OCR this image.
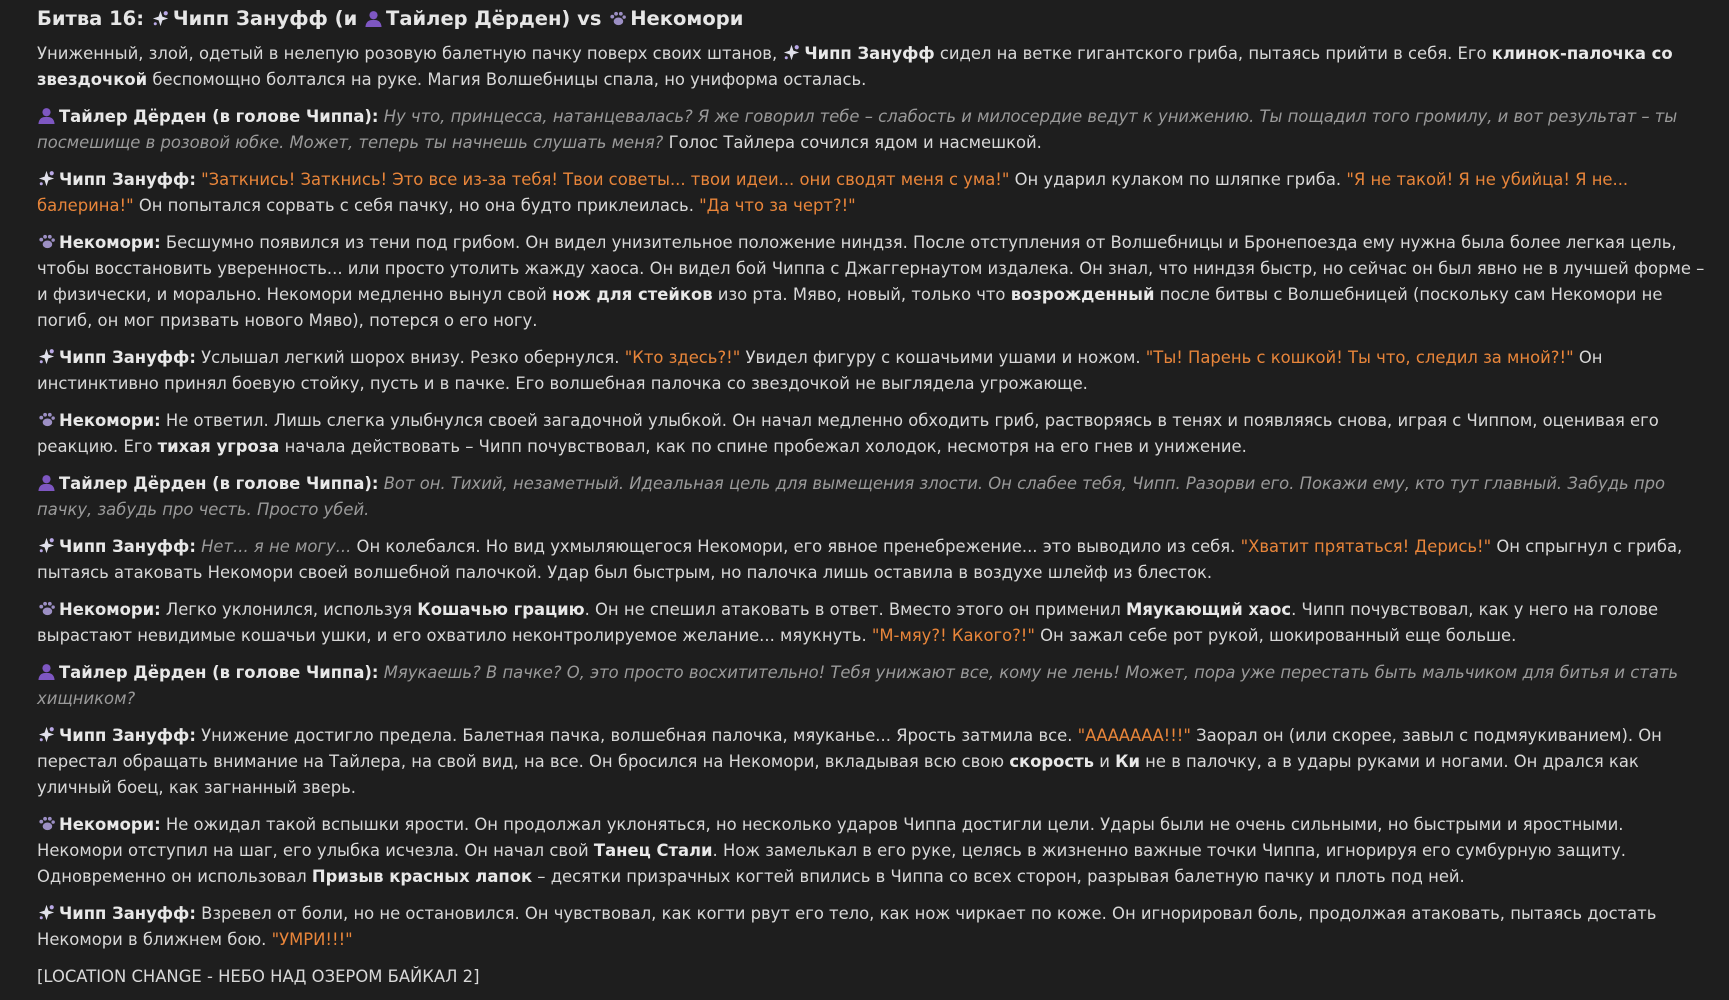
Битва 16:
Чипп Зануфф (и
Тайлер Дёрден) vs
Некомори

Униженный, злой, одетый в нелепую розовую балетную пачку поверх своих штанов,
Чипп Зануфф сидел на ветке гигантского гриба, пытаясь прийти в себя. Его клинок-палочка со звездочкой беспомощно болтался на руке. Магия Волшебницы спала, но униформа осталась.

Тайлер Дёрден (в голове Чиппа): Ну что, принцесса, натанцевалась? Я же говорил тебе – слабость и милосердие ведут к унижению. Ты пощадил того громилу, и вот результат – ты посмешище в розовой юбке. Может, теперь ты начнешь слушать меня? Голос Тайлера сочился ядом и насмешкой.

Чипп Зануфф: "Заткнись! Заткнись! Это все из-за тебя! Твои советы... твои идеи... они сводят меня с ума!" Он ударил кулаком по шляпке гриба. "Я не такой! Я не убийца! Я не... балерина!" Он попытался сорвать с себя пачку, но она будто приклеилась. "Да что за черт?!"

Некомори: Бесшумно появился из тени под грибом. Он видел унизительное положение ниндзя. После отступления от Волшебницы и Бронепоезда ему нужна была более легкая цель, чтобы восстановить уверенность... или просто утолить жажду хаоса. Он видел бой Чиппа с Джаггернаутом издалека. Он знал, что ниндзя быстр, но сейчас он был явно не в лучшей форме – и физически, и морально. Некомори медленно вынул свой нож для стейков изо рта. Мяво, новый, только что возрожденный после битвы с Волшебницей (поскольку сам Некомори не погиб, он мог призвать нового Мяво), потерся о его ногу.

Чипп Зануфф: Услышал легкий шорох внизу. Резко обернулся. "Кто здесь?!" Увидел фигуру с кошачьими ушами и ножом. "Ты! Парень с кошкой! Ты что, следил за мной?!" Он инстинктивно принял боевую стойку, пусть и в пачке. Его волшебная палочка со звездочкой не выглядела угрожающе.

Некомори: Не ответил. Лишь слегка улыбнулся своей загадочной улыбкой. Он начал медленно обходить гриб, растворяясь в тенях и появляясь снова, играя с Чиппом, оценивая его реакцию. Его тихая угроза начала действовать – Чипп почувствовал, как по спине пробежал холодок, несмотря на его гнев и унижение.

Тайлер Дёрден (в голове Чиппа): Вот он. Тихий, незаметный. Идеальная цель для вымещения злости. Он слабее тебя, Чипп. Разорви его. Покажи ему, кто тут главный. Забудь про пачку, забудь про честь. Просто убей.

Чипп Зануфф: Нет... я не могу... Он колебался. Но вид ухмыляющегося Некомори, его явное пренебрежение... это выводило из себя. "Хватит прятаться! Дерись!" Он спрыгнул с гриба, пытаясь атаковать Некомори своей волшебной палочкой. Удар был быстрым, но палочка лишь оставила в воздухе шлейф из блесток.

Некомори: Легко уклонился, используя Кошачью грацию. Он не спешил атаковать в ответ. Вместо этого он применил Мяукающий хаос. Чипп почувствовал, как у него на голове вырастают невидимые кошачьи ушки, и его охватило неконтролируемое желание... мяукнуть. "М-мяу?! Какого?!" Он зажал себе рот рукой, шокированный еще больше.

Тайлер Дёрден (в голове Чиппа): Мяукаешь? В пачке? О, это просто восхитительно! Тебя унижают все, кому не лень! Может, пора уже перестать быть мальчиком для битья и стать хищником?

Чипп Зануфф: Унижение достигло предела. Балетная пачка, волшебная палочка, мяуканье... Ярость затмила все. "ААААААА!!!" Заорал он (или скорее, завыл с подмяукиванием). Он перестал обращать внимание на Тайлера, на свой вид, на все. Он бросился на Некомори, вкладывая всю свою скорость и Ки не в палочку, а в удары руками и ногами. Он дрался как уличный боец, как загнанный зверь.

Некомори: Не ожидал такой вспышки ярости. Он продолжал уклоняться, но несколько ударов Чиппа достигли цели. Удары были не очень сильными, но быстрыми и яростными. Некомори отступил на шаг, его улыбка исчезла. Он начал свой Танец Стали. Нож замелькал в его руке, целясь в жизненно важные точки Чиппа, игнорируя его сумбурную защиту. Одновременно он использовал Призыв красных лапок – десятки призрачных когтей впились в Чиппа со всех сторон, разрывая балетную пачку и плоть под ней.

Чипп Зануфф: Взревел от боли, но не остановился. Он чувствовал, как когти рвут его тело, как нож чиркает по коже. Он игнорировал боль, продолжая атаковать, пытаясь достать Некомори в ближнем бою. "УМРИ!!!"

[LOCATION CHANGE - НЕБО НАД ОЗЕРОМ БАЙКАЛ 2]
